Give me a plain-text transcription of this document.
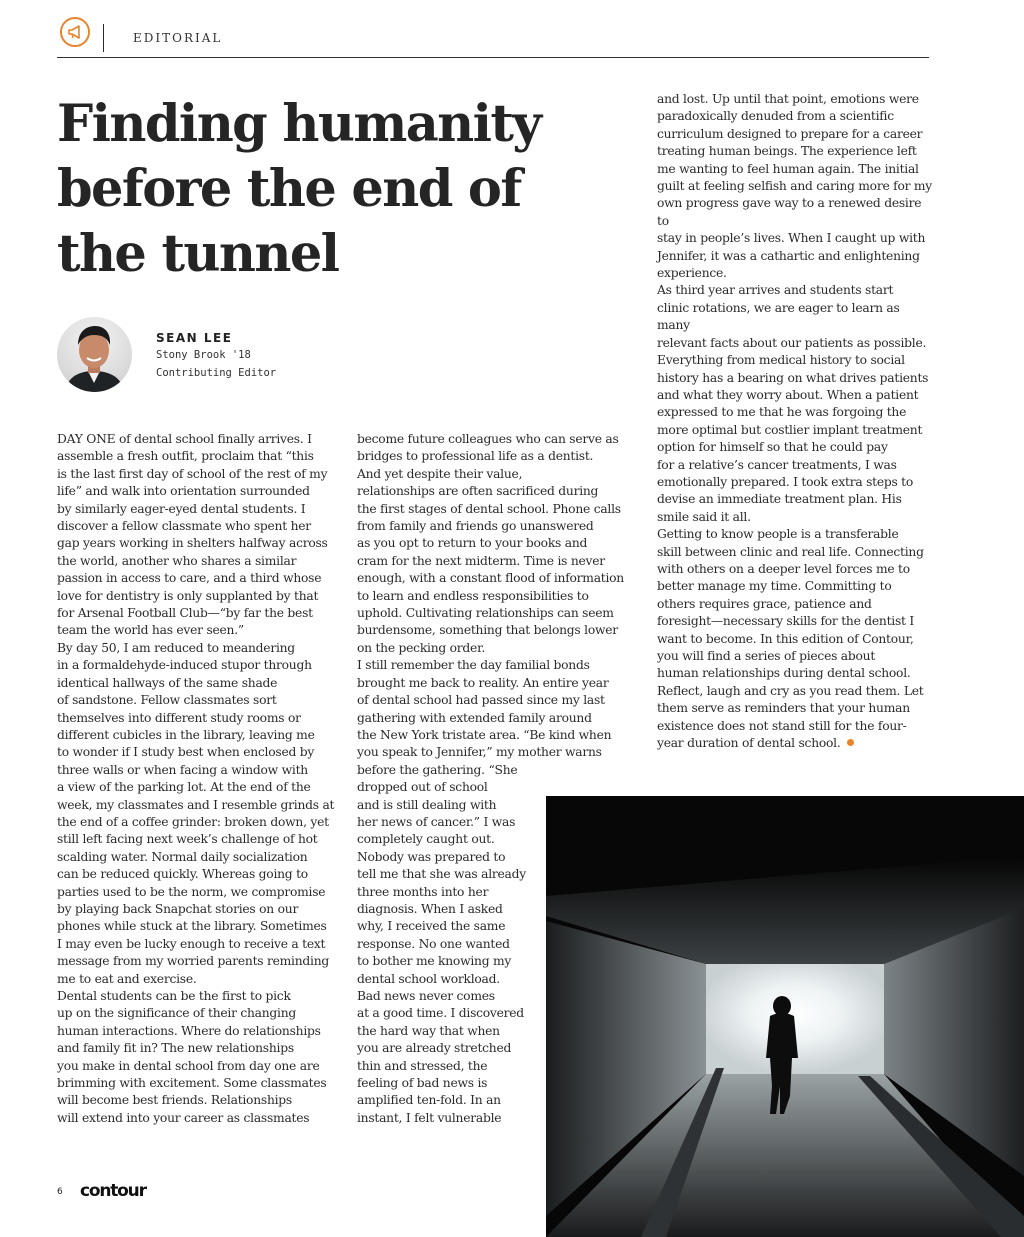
EDITORIAL
Finding humanity before the end of the tunnel
SEAN LEE
Stony Brook '18
Contributing Editor

DAY ONE of dental school finally arrives. I
assemble a fresh outfit, proclaim that “this
is the last first day of school of the rest of my
life” and walk into orientation surrounded
by similarly eager-eyed dental students. I
discover a fellow classmate who spent her
gap years working in shelters halfway across
the world, another who shares a similar
passion in access to care, and a third whose
love for dentistry is only supplanted by that
for Arsenal Football Club—“by far the best
team the world has ever seen.”
By day 50, I am reduced to meandering
in a formaldehyde-induced stupor through
identical hallways of the same shade
of sandstone. Fellow classmates sort
themselves into different study rooms or
different cubicles in the library, leaving me
to wonder if I study best when enclosed by
three walls or when facing a window with
a view of the parking lot. At the end of the
week, my classmates and I resemble grinds at
the end of a coffee grinder: broken down, yet
still left facing next week’s challenge of hot
scalding water. Normal daily socialization
can be reduced quickly. Whereas going to
parties used to be the norm, we compromise
by playing back Snapchat stories on our
phones while stuck at the library. Sometimes
I may even be lucky enough to receive a text
message from my worried parents reminding
me to eat and exercise.
Dental students can be the first to pick
up on the significance of their changing
human interactions. Where do relationships
and family fit in? The new relationships
you make in dental school from day one are
brimming with excitement. Some classmates
will become best friends. Relationships
will extend into your career as classmates

become future colleagues who can serve as
bridges to professional life as a dentist.
And yet despite their value,
relationships are often sacrificed during
the first stages of dental school. Phone calls
from family and friends go unanswered
as you opt to return to your books and
cram for the next midterm. Time is never
enough, with a constant flood of information
to learn and endless responsibilities to
uphold. Cultivating relationships can seem
burdensome, something that belongs lower
on the pecking order.
I still remember the day familial bonds
brought me back to reality. An entire year
of dental school had passed since my last
gathering with extended family around
the New York tristate area. “Be kind when
you speak to Jennifer,” my mother warns
before the gathering. “She
dropped out of school
and is still dealing with
her news of cancer.” I was
completely caught out.
Nobody was prepared to
tell me that she was already
three months into her
diagnosis. When I asked
why, I received the same
response. No one wanted
to bother me knowing my
dental school workload.
Bad news never comes
at a good time. I discovered
the hard way that when
you are already stretched
thin and stressed, the
feeling of bad news is
amplified ten-fold. In an
instant, I felt vulnerable

and lost. Up until that point, emotions were
paradoxically denuded from a scientific
curriculum designed to prepare for a career
treating human beings. The experience left
me wanting to feel human again. The initial
guilt at feeling selfish and caring more for my
own progress gave way to a renewed desire to
stay in people’s lives. When I caught up with
Jennifer, it was a cathartic and enlightening
experience.
As third year arrives and students start
clinic rotations, we are eager to learn as many
relevant facts about our patients as possible.
Everything from medical history to social
history has a bearing on what drives patients
and what they worry about. When a patient
expressed to me that he was forgoing the
more optimal but costlier implant treatment
option for himself so that he could pay
for a relative’s cancer treatments, I was
emotionally prepared. I took extra steps to
devise an immediate treatment plan. His
smile said it all.
Getting to know people is a transferable
skill between clinic and real life. Connecting
with others on a deeper level forces me to
better manage my time. Committing to
others requires grace, patience and
foresight—necessary skills for the dentist I
want to become. In this edition of Contour,
you will find a series of pieces about
human relationships during dental school.
Reflect, laugh and cry as you read them. Let
them serve as reminders that your human
existence does not stand still for the four-
year duration of dental school.
6 contour
